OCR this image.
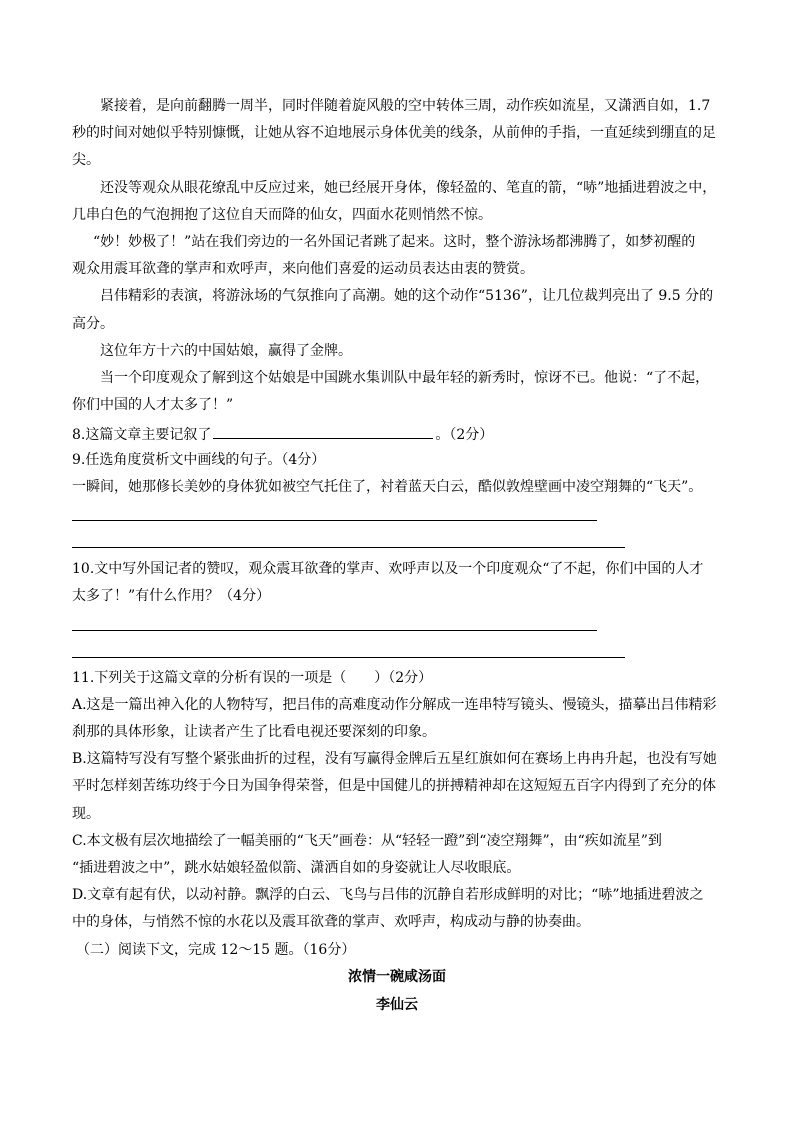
紧接着，是向前翻腾一周半，同时伴随着旋风般的空中转体三周，动作疾如流星，又潇洒自如，1.7
秒的时间对她似乎特别慷慨，让她从容不迫地展示身体优美的线条，从前伸的手指，一直延续到绷直的足
尖。
还没等观众从眼花缭乱中反应过来，她已经展开身体，像轻盈的、笔直的箭，“哧”地插进碧波之中，
几串白色的气泡拥抱了这位自天而降的仙女，四面水花则悄然不惊。
“妙！妙极了！”站在我们旁边的一名外国记者跳了起来。这时，整个游泳场都沸腾了，如梦初醒的
观众用震耳欲聋的掌声和欢呼声，来向他们喜爱的运动员表达由衷的赞赏。
吕伟精彩的表演，将游泳场的气氛推向了高潮。她的这个动作“5136”，让几位裁判亮出了 9.5 分的
高分。
这位年方十六的中国姑娘，赢得了金牌。
当一个印度观众了解到这个姑娘是中国跳水集训队中最年轻的新秀时，惊讶不已。他说：“了不起，
你们中国的人才太多了！”
8.这篇文章主要记叙了	。（2分）
9.任选角度赏析文中画线的句子。（4分）
一瞬间，她那修长美妙的身体犹如被空气托住了，衬着蓝天白云，酷似敦煌壁画中凌空翔舞的“飞天”。
10.文中写外国记者的赞叹，观众震耳欲聋的掌声、欢呼声以及一个印度观众“了不起，你们中国的人才
太多了！”有什么作用？（4分）
11.下列关于这篇文章的分析有误的一项是（　　）（2分）
A.这是一篇出神入化的人物特写，把吕伟的高难度动作分解成一连串特写镜头、慢镜头，描摹出吕伟精彩
刹那的具体形象，让读者产生了比看电视还要深刻的印象。
B.这篇特写没有写整个紧张曲折的过程，没有写赢得金牌后五星红旗如何在赛场上冉冉升起，也没有写她
平时怎样刻苦练功终于今日为国争得荣誉，但是中国健儿的拼搏精神却在这短短五百字内得到了充分的体
现。
C.本文极有层次地描绘了一幅美丽的“飞天”画卷：从“轻轻一蹬”到“凌空翔舞”，由“疾如流星”到
“插进碧波之中”，跳水姑娘轻盈似箭、潇洒自如的身姿就让人尽收眼底。
D.文章有起有伏，以动衬静。飘浮的白云、飞鸟与吕伟的沉静自若形成鲜明的对比；“哧”地插进碧波之
中的身体，与悄然不惊的水花以及震耳欲聋的掌声、欢呼声，构成动与静的协奏曲。
（二）阅读下文，完成 12～15 题。（16分）
浓情一碗咸汤面
李仙云
